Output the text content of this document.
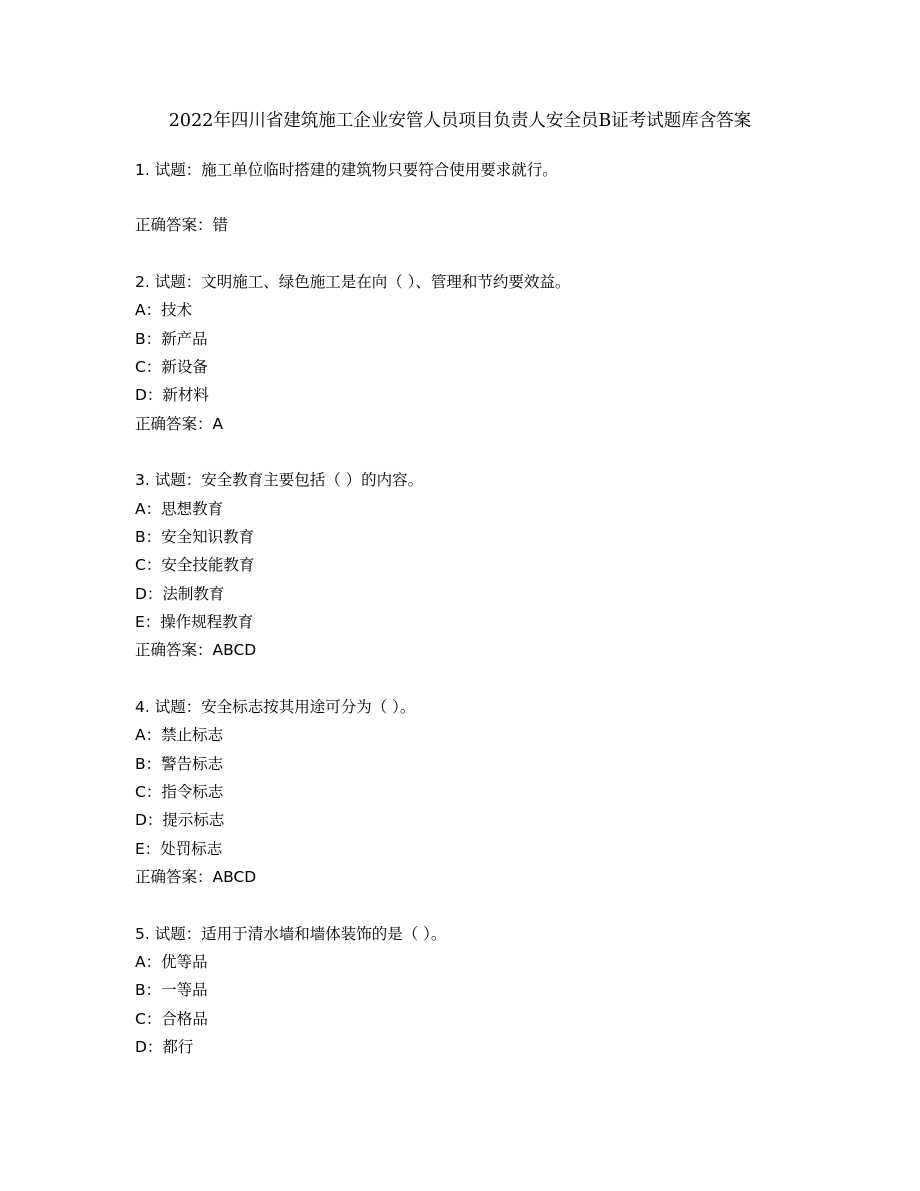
2022年四川省建筑施工企业安管人员项目负责人安全员B证考试题库含答案
1. 试题：施工单位临时搭建的建筑物只要符合使用要求就行。
正确答案：错
2. 试题：文明施工、绿色施工是在向（ ）、管理和节约要效益。
A：技术
B：新产品
C：新设备
D：新材料
正确答案：A
3. 试题：安全教育主要包括（ ）的内容。
A：思想教育
B：安全知识教育
C：安全技能教育
D：法制教育
E：操作规程教育
正确答案：ABCD
4. 试题：安全标志按其用途可分为（ ）。
A：禁止标志
B：警告标志
C：指令标志
D：提示标志
E：处罚标志
正确答案：ABCD
5. 试题：适用于清水墙和墙体装饰的是（ ）。
A：优等品
B：一等品
C：合格品
D：都行
